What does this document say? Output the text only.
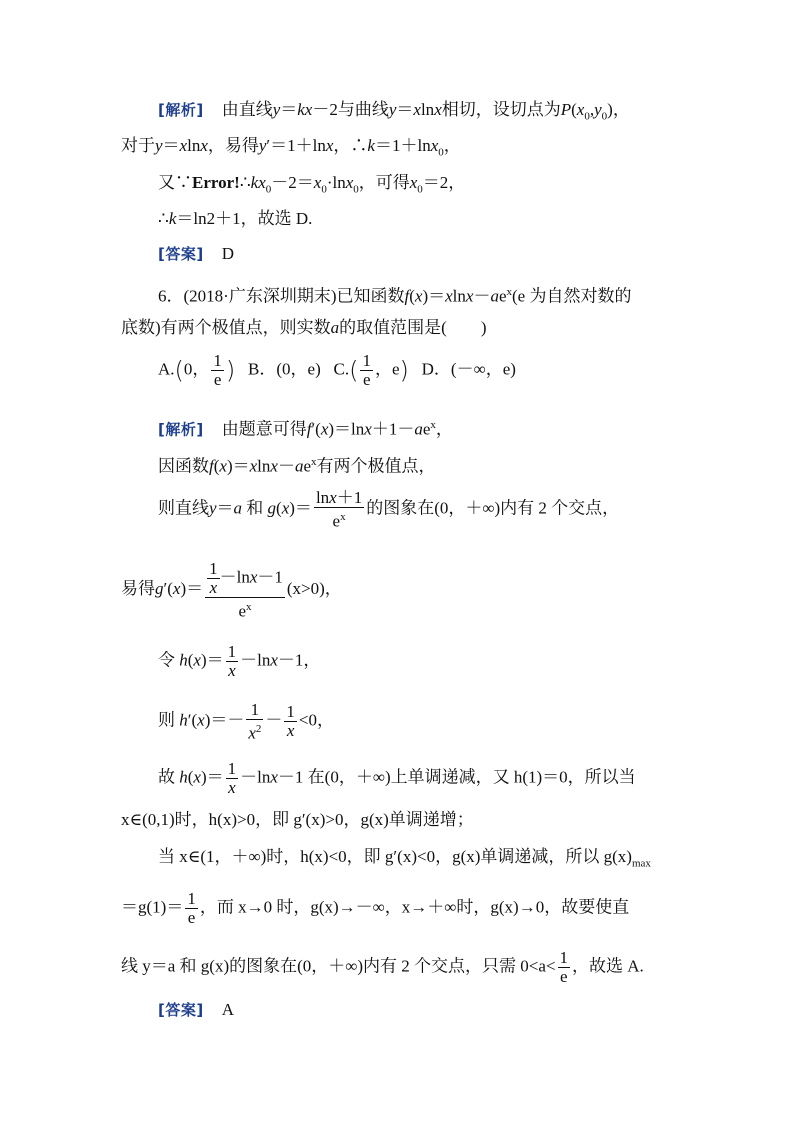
[解析] 由直线y＝kx－2与曲线y＝xlnx相切，设切点为$P(x_0,y_0)$，
对于y＝xlnx，易得y′＝1＋lnx，∴k＝1＋lnx$_0$，
又$\because Error!\therefore kx_0-2=x_0\cdot\ln x_0$，可得$x_0=2$，
∴k＝ln2＋1，故选 D.
[答案] D
6．(2018·广东深圳期末)已知函数$f(x)=xlnx-ae^x(e$ 为自然对数的
底数)有两个极值点，则实数a的取值范围是(　　)
A.(0， $\frac{1}{e}$ ) B．(0，e) $C.( \frac{1}{e}$ ，e) D．(－∞，e)
[解析] 由题意可得$f'(x)=\ln x+1-ae^x$，
因函数$f(x)=xlnx-ae^x$有两个极值点，
则直线y＝a 和 $g(x)= \frac{\ln x+1}{e^x}$ 的图象在(0，＋∞)内有 2 个交点，
易得$g'(x)= \frac{\frac{1}{x} -\ln x-1}{e^x} (x>0)$，
令 $h(x)= \frac{1}{x} -\ln x-1$，
则 $h'(x)=- \frac{1}{x^2} - \frac{1}{x} <0$，
故 $h(x)= \frac{1}{x} -\ln x-1$ 在(0，＋∞)上单调递减，又 h(1)＝0，所以当
x∈(0,1)时，h(x)>0，即 g′(x)>0，g(x)单调递增；
当 x∈(1，＋∞)时，h(x)<0，即 g′(x)<0，g(x)单调递减，所以 $g(x)_{max}$
$=g(1)= \frac{1}{e}$ ，而 x→0 时，g(x)→－∞，x→＋∞时，g(x)→0，故要使直
线 y＝a 和 g(x)的图象在(0，＋∞)内有 2 个交点，只需 $0<a< \frac{1}{e}$ ，故选 A.
[答案] A
